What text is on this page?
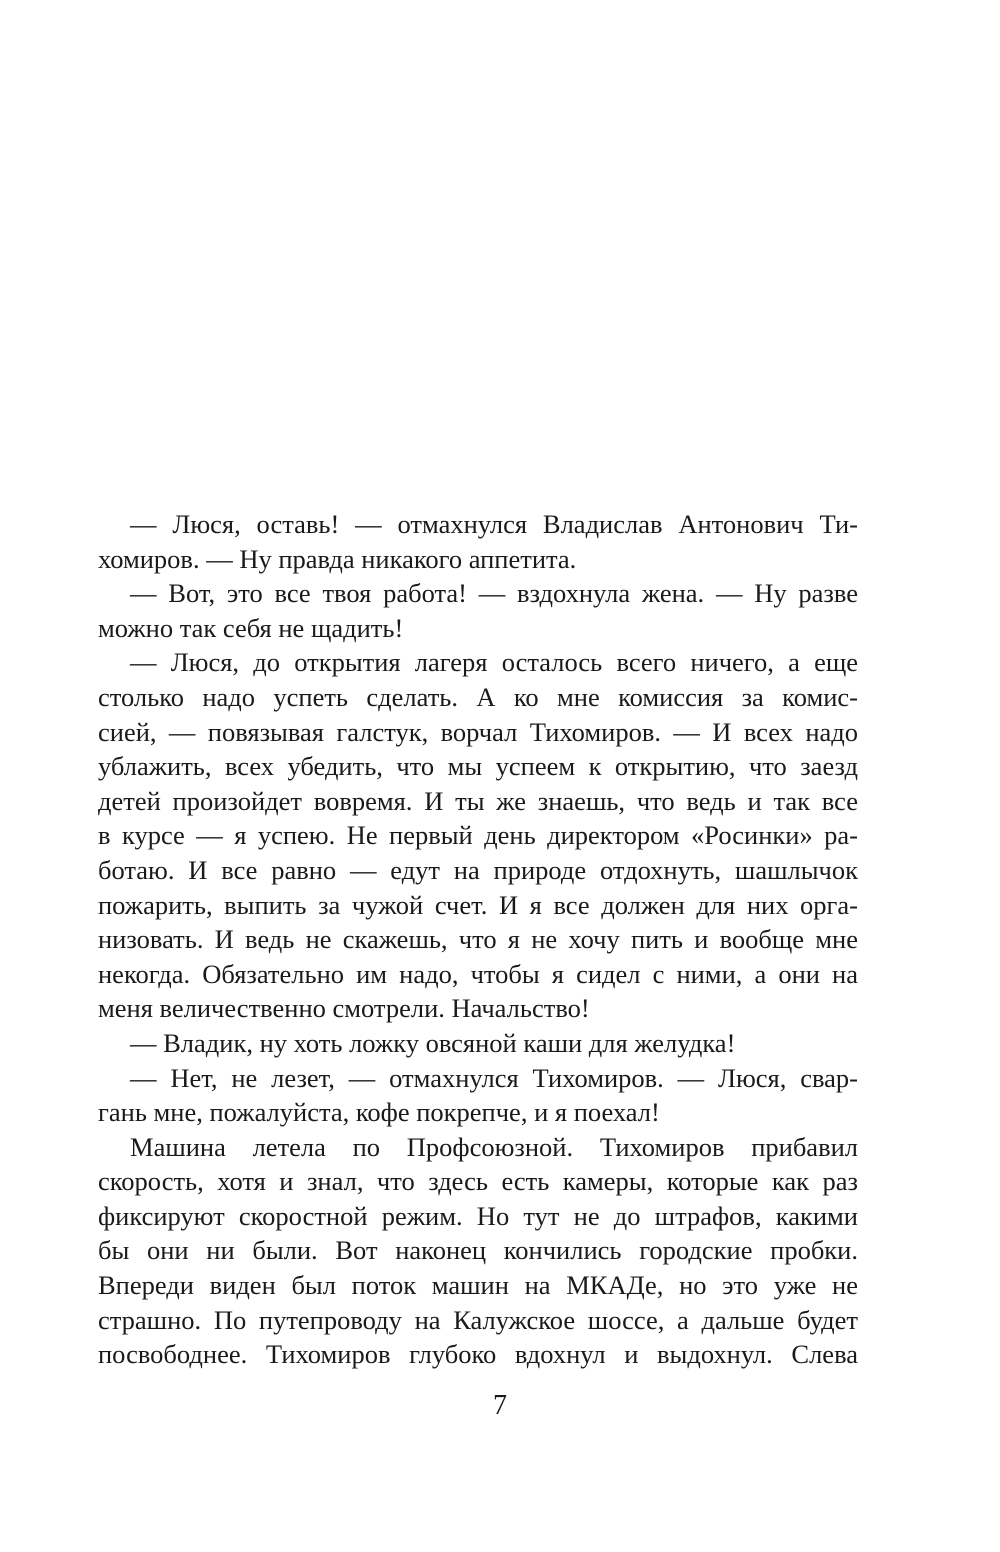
— Люся, оставь! — отмахнулся Владислав Антонович Ти-
хомиров. — Ну правда никакого аппетита.
— Вот, это все твоя работа! — вздохнула жена. — Ну разве
можно так себя не щадить!
— Люся, до открытия лагеря осталось всего ничего, а еще
столько надо успеть сделать. А ко мне комиссия за комис-
сией, — повязывая галстук, ворчал Тихомиров. — И всех надо
ублажить, всех убедить, что мы успеем к открытию, что заезд
детей произойдет вовремя. И ты же знаешь, что ведь и так все
в курсе — я успею. Не первый день директором «Росинки» ра-
ботаю. И все равно — едут на природе отдохнуть, шашлычок
пожарить, выпить за чужой счет. И я все должен для них орга-
низовать. И ведь не скажешь, что я не хочу пить и вообще мне
некогда. Обязательно им надо, чтобы я сидел с ними, а они на
меня величественно смотрели. Начальство!
— Владик, ну хоть ложку овсяной каши для желудка!
— Нет, не лезет, — отмахнулся Тихомиров. — Люся, свар-
гань мне, пожалуйста, кофе покрепче, и я поехал!
Машина летела по Профсоюзной. Тихомиров прибавил
скорость, хотя и знал, что здесь есть камеры, которые как раз
фиксируют скоростной режим. Но тут не до штрафов, какими
бы они ни были. Вот наконец кончились городские пробки.
Впереди виден был поток машин на МКАДе, но это уже не
страшно. По путепроводу на Калужское шоссе, а дальше будет
посвободнее. Тихомиров глубоко вдохнул и выдохнул. Слева
7
